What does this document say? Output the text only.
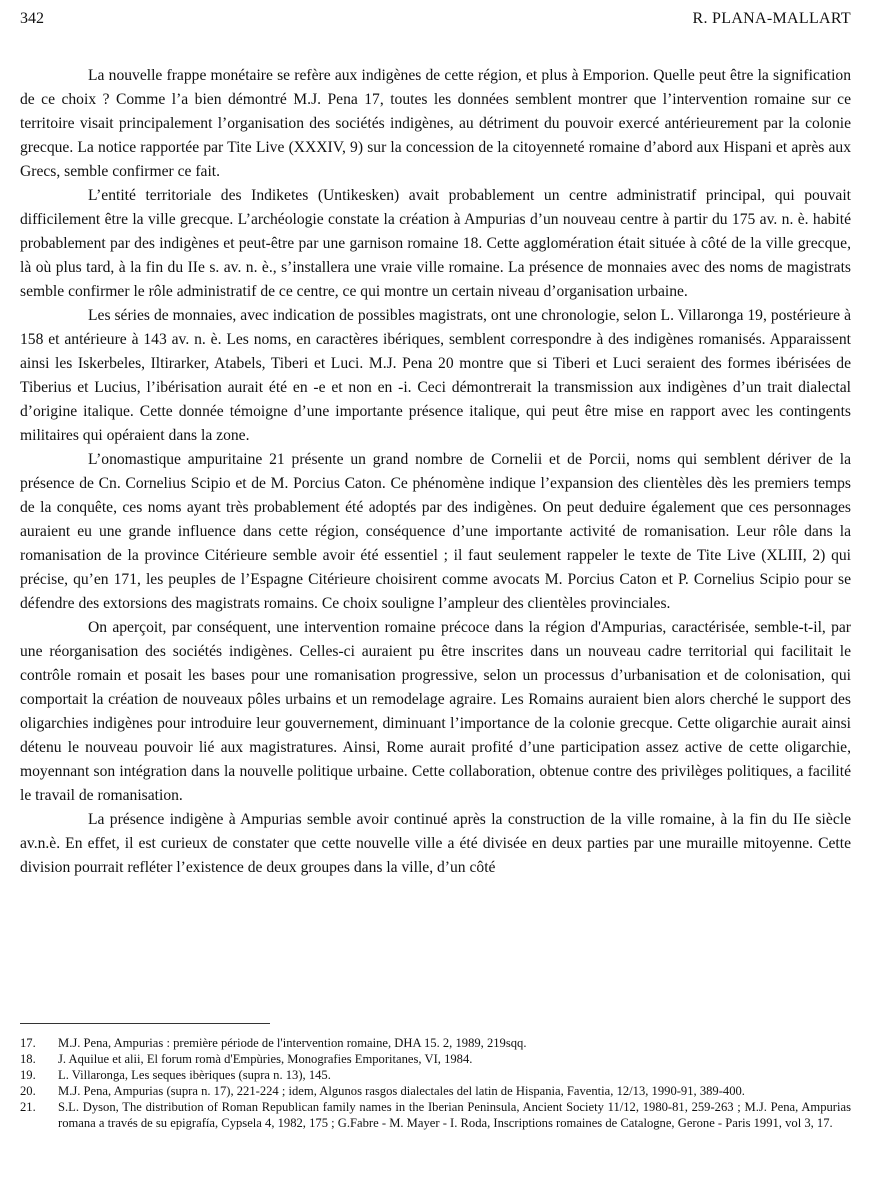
342	R. PLANA-MALLART

La nouvelle frappe monétaire se refère aux indigènes de cette région, et plus à Emporion. Quelle peut être la signification de ce choix ? Comme l’a bien démontré M.J. Pena 17, toutes les données semblent montrer que l’intervention romaine sur ce territoire visait principalement l’organisation des sociétés indigènes, au détriment du pouvoir exercé antérieurement par la colonie grecque. La notice rapportée par Tite Live (XXXIV, 9) sur la concession de la citoyenneté romaine d’abord aux Hispani et après aux Grecs, semble confirmer ce fait.

L’entité territoriale des Indiketes (Untikesken) avait probablement un centre administratif principal, qui pouvait difficilement être la ville grecque. L’archéologie constate la création à Ampurias d’un nouveau centre à partir du 175 av. n. è. habité probablement par des indigènes et peut-être par une garnison romaine 18. Cette agglomération était située à côté de la ville grecque, là où plus tard, à la fin du IIe s. av. n. è., s’installera une vraie ville romaine. La présence de monnaies avec des noms de magistrats semble confirmer le rôle administratif de ce centre, ce qui montre un certain niveau d’organisation urbaine.

Les séries de monnaies, avec indication de possibles magistrats, ont une chronologie, selon L. Villaronga 19, postérieure à 158 et antérieure à 143 av. n. è. Les noms, en caractères ibériques, semblent correspondre à des indigènes romanisés. Apparaissent ainsi les Iskerbeles, Iltirarker, Atabels, Tiberi et Luci. M.J. Pena 20 montre que si Tiberi et Luci seraient des formes ibérisées de Tiberius et Lucius, l’ibérisation aurait été en -e et non en -i. Ceci démontrerait la transmission aux indigènes d’un trait dialectal d’origine italique. Cette donnée témoigne d’une importante présence italique, qui peut être mise en rapport avec les contingents militaires qui opéraient dans la zone.

L’onomastique ampuritaine 21 présente un grand nombre de Cornelii et de Porcii, noms qui semblent dériver de la présence de Cn. Cornelius Scipio et de M. Porcius Caton. Ce phénomène indique l’expansion des clientèles dès les premiers temps de la conquête, ces noms ayant très probablement été adoptés par des indigènes. On peut deduire également que ces personnages auraient eu une grande influence dans cette région, conséquence d’une importante activité de romanisation. Leur rôle dans la romanisation de la province Citérieure semble avoir été essentiel ; il faut seulement rappeler le texte de Tite Live (XLIII, 2) qui précise, qu’en 171, les peuples de l’Espagne Citérieure choisirent comme avocats M. Porcius Caton et P. Cornelius Scipio pour se défendre des extorsions des magistrats romains. Ce choix souligne l’ampleur des clientèles provinciales.

On aperçoit, par conséquent, une intervention romaine précoce dans la région d'Ampurias, caractérisée, semble-t-il, par une réorganisation des sociétés indigènes. Celles-ci auraient pu être inscrites dans un nouveau cadre territorial qui facilitait le contrôle romain et posait les bases pour une romanisation progressive, selon un processus d’urbanisation et de colonisation, qui comportait la création de nouveaux pôles urbains et un remodelage agraire. Les Romains auraient bien alors cherché le support des oligarchies indigènes pour introduire leur gouvernement, diminuant l’importance de la colonie grecque. Cette oligarchie aurait ainsi détenu le nouveau pouvoir lié aux magistratures. Ainsi, Rome aurait profité d’une participation assez active de cette oligarchie, moyennant son intégration dans la nouvelle politique urbaine. Cette collaboration, obtenue contre des privilèges politiques, a facilité le travail de romanisation.

La présence indigène à Ampurias semble avoir continué après la construction de la ville romaine, à la fin du IIe siècle av.n.è. En effet, il est curieux de constater que cette nouvelle ville a été divisée en deux parties par une muraille mitoyenne. Cette division pourrait refléter l’existence de deux groupes dans la ville, d’un côté

17.	M.J. Pena, Ampurias : première période de l'intervention romaine, DHA 15. 2, 1989, 219sqq.
18.	J. Aquilue et alii, El forum romà d'Empùries, Monografies Emporitanes, VI, 1984.
19.	L. Villaronga, Les seques ibèriques (supra n. 13), 145.
20.	M.J. Pena, Ampurias (supra n. 17), 221-224 ; idem, Algunos rasgos dialectales del latin de Hispania, Faventia, 12/13, 1990-91, 389-400.
21.	S.L. Dyson, The distribution of Roman Republican family names in the Iberian Peninsula, Ancient Society 11/12, 1980-81, 259-263 ; M.J. Pena, Ampurias romana a través de su epigrafía, Cypsela 4, 1982, 175 ; G.Fabre - M. Mayer - I. Roda, Inscriptions romaines de Catalogne, Gerone - Paris 1991, vol 3, 17.
